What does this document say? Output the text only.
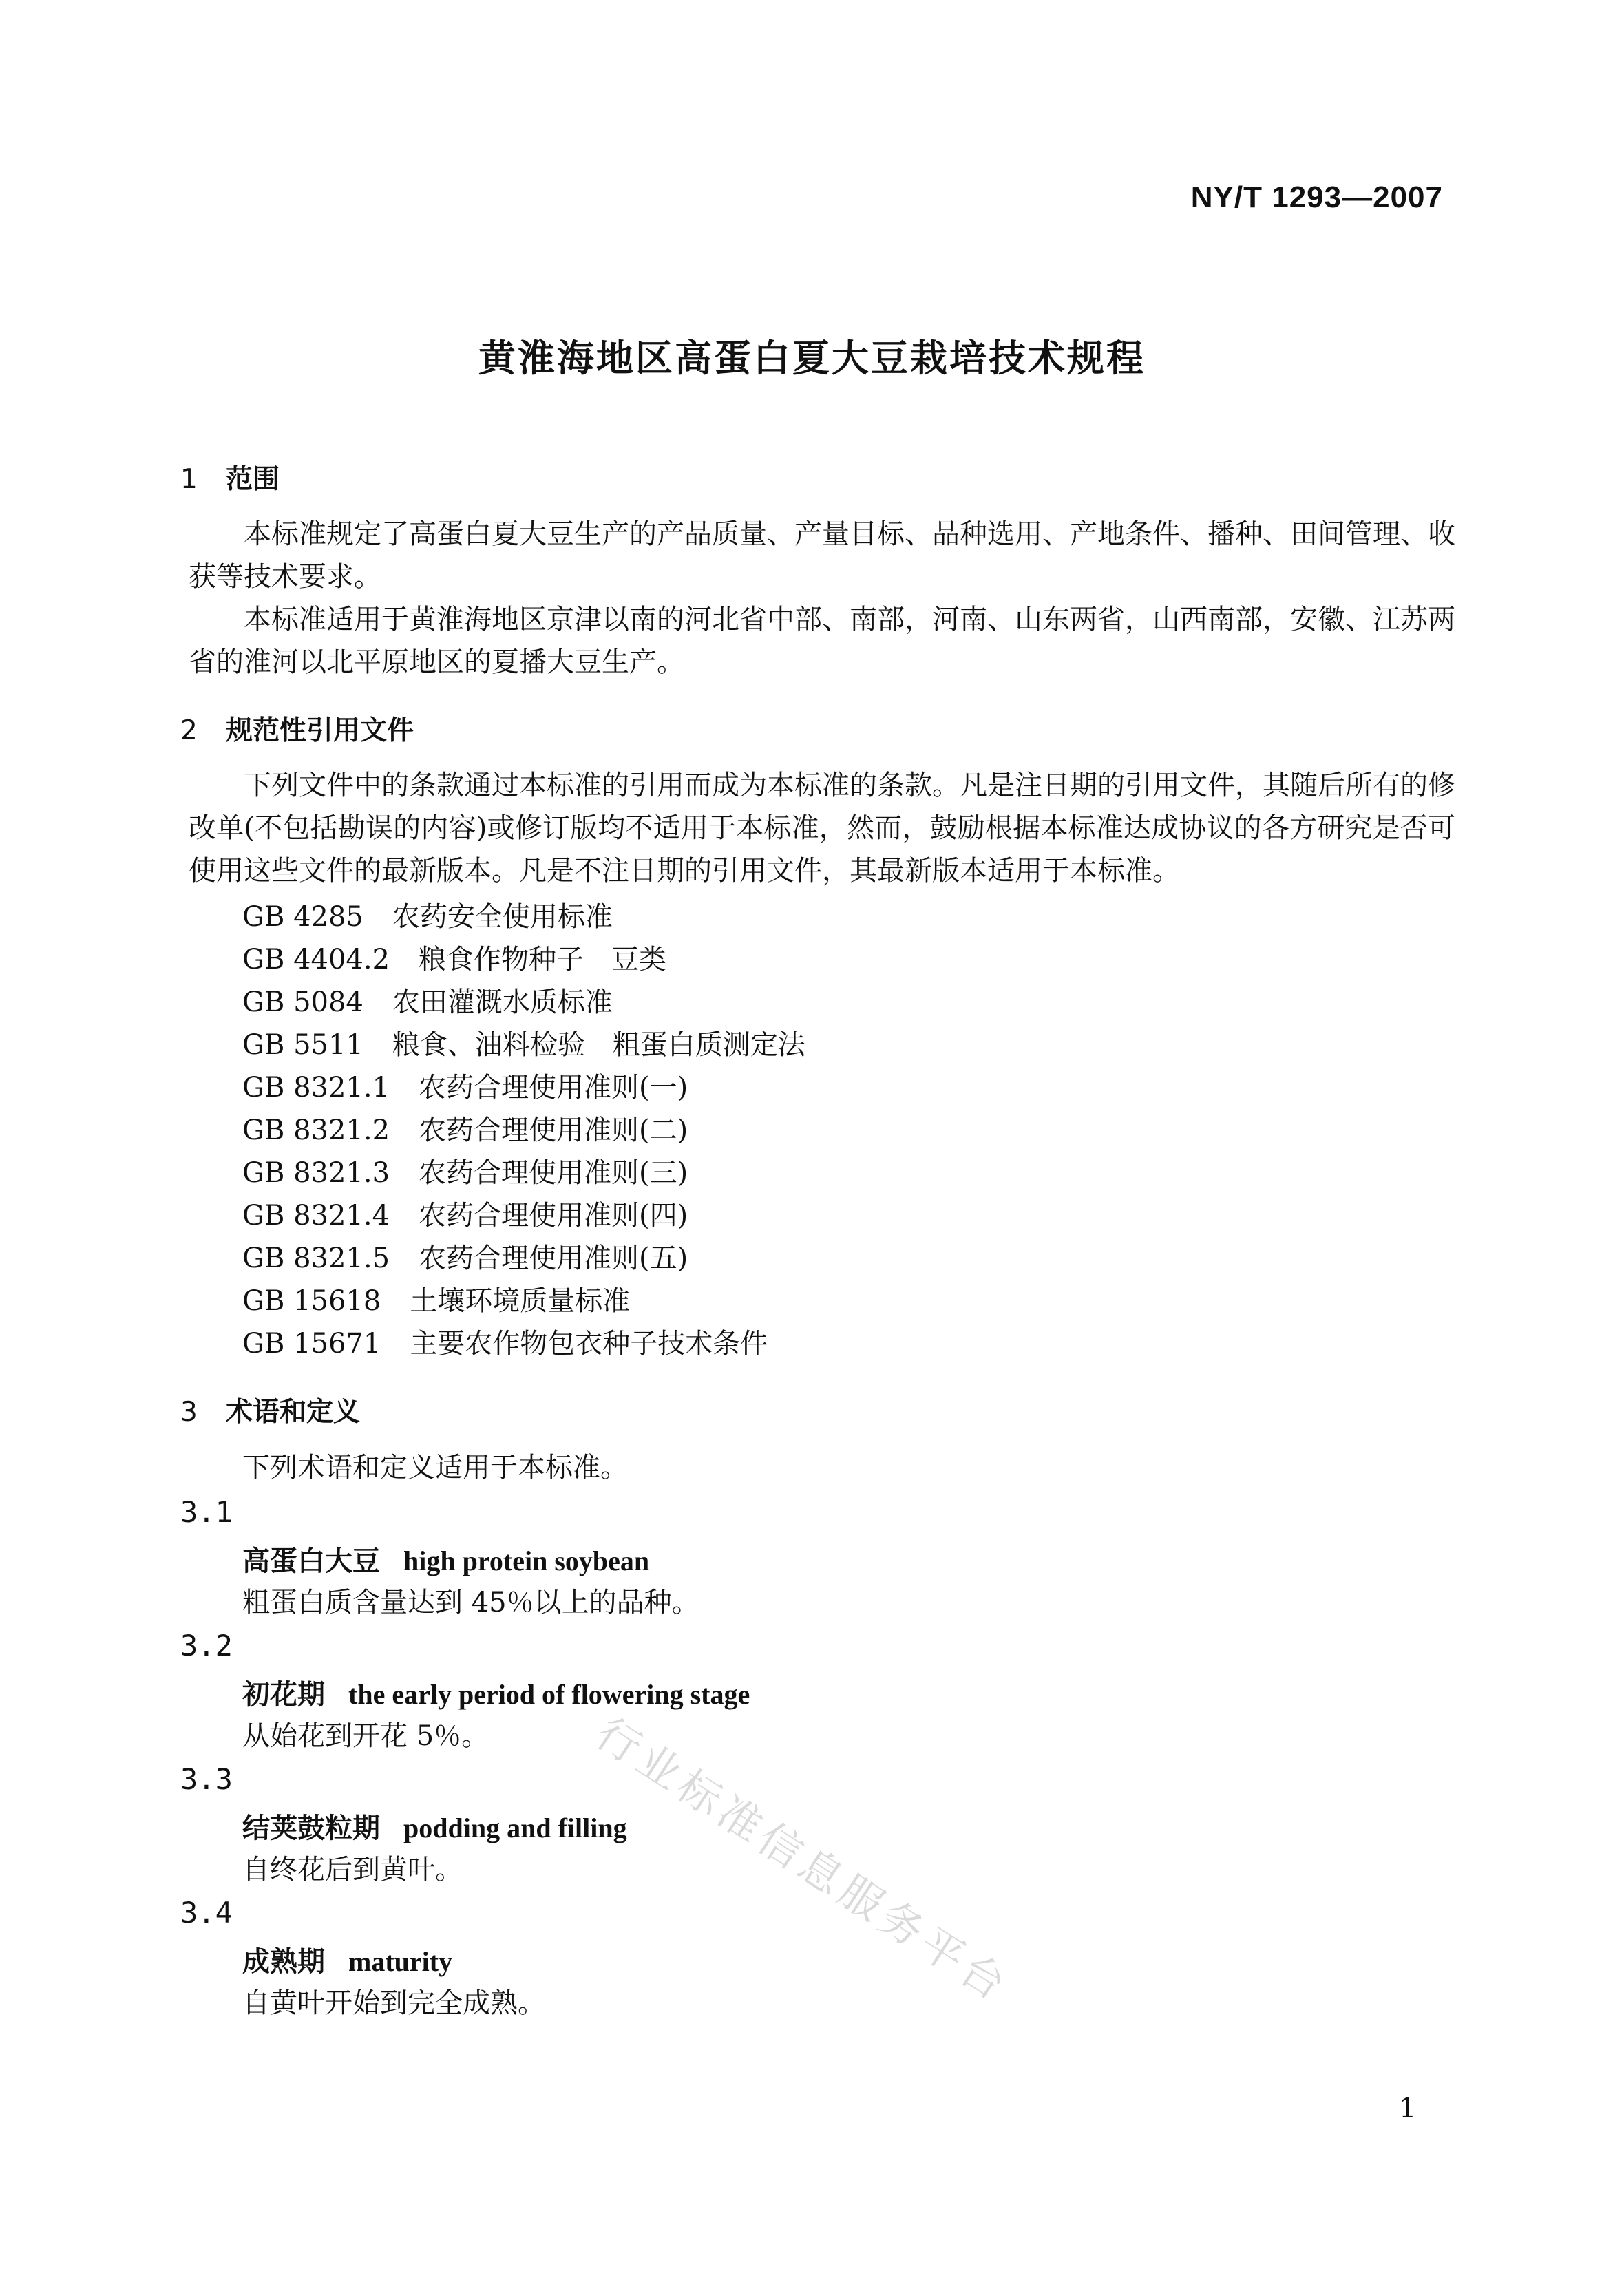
NY/T 1293—2007
黄淮海地区高蛋白夏大豆栽培技术规程
1 范围
本标准规定了高蛋白夏大豆生产的产品质量、产量目标、品种选用、产地条件、播种、田间管理、收获等技术要求。
本标准适用于黄淮海地区京津以南的河北省中部、南部，河南、山东两省，山西南部，安徽、江苏两省的淮河以北平原地区的夏播大豆生产。
2 规范性引用文件
下列文件中的条款通过本标准的引用而成为本标准的条款。凡是注日期的引用文件，其随后所有的修改单(不包括勘误的内容)或修订版均不适用于本标准，然而，鼓励根据本标准达成协议的各方研究是否可使用这些文件的最新版本。凡是不注日期的引用文件，其最新版本适用于本标准。
GB 4285 农药安全使用标准
GB 4404.2 粮食作物种子　豆类
GB 5084 农田灌溉水质标准
GB 5511 粮食、油料检验　粗蛋白质测定法
GB 8321.1 农药合理使用准则(一)
GB 8321.2 农药合理使用准则(二)
GB 8321.3 农药合理使用准则(三)
GB 8321.4 农药合理使用准则(四)
GB 8321.5 农药合理使用准则(五)
GB 15618 土壤环境质量标准
GB 15671 主要农作物包衣种子技术条件
3 术语和定义
下列术语和定义适用于本标准。
3.1
高蛋白大豆 high protein soybean
粗蛋白质含量达到 45％以上的品种。
3.2
初花期 the early period of flowering stage
从始花到开花 5％。
3.3
结荚鼓粒期 podding and filling
自终花后到黄叶。
3.4
成熟期 maturity
自黄叶开始到完全成熟。 行业标准信息服务平台
1
